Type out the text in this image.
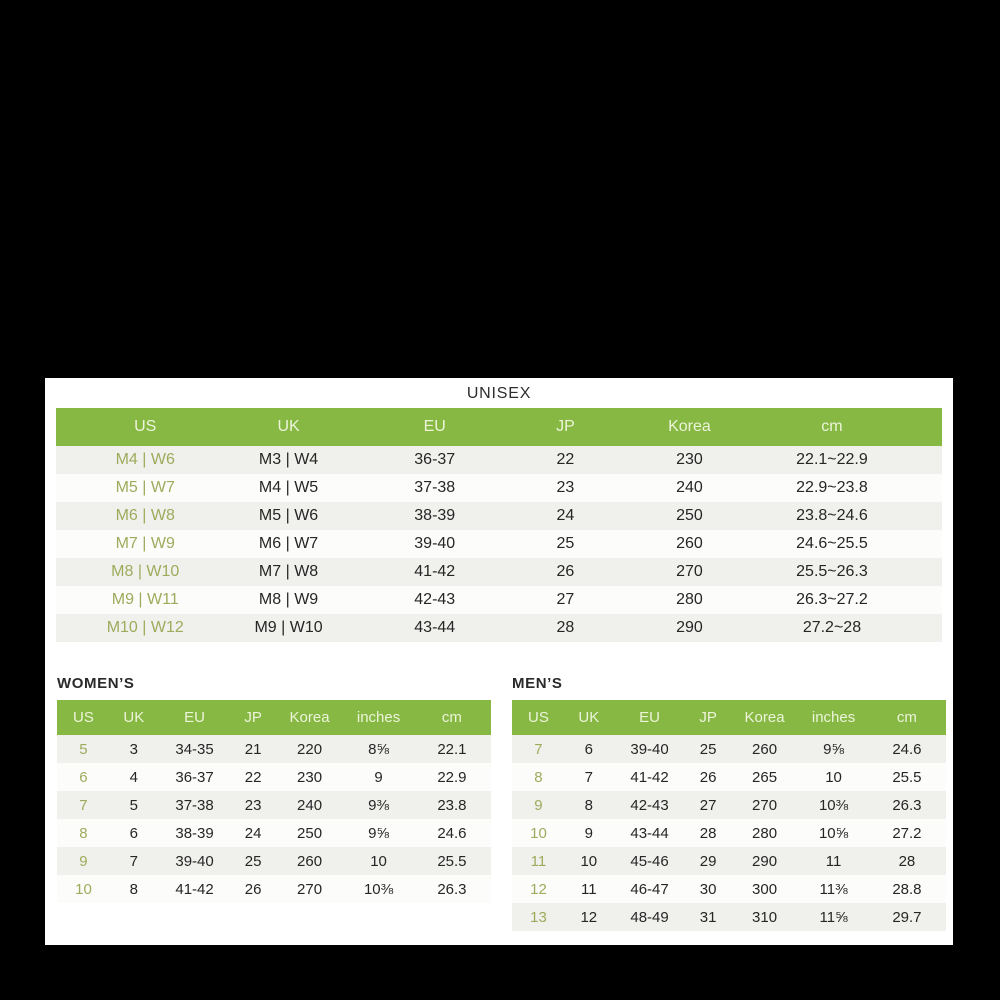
UNISEX
US	UK	EU	JP	Korea	cm
M4 | W6	M3 | W4	36-37	22	230	22.1~22.9
M5 | W7	M4 | W5	37-38	23	240	22.9~23.8
M6 | W8	M5 | W6	38-39	24	250	23.8~24.6
M7 | W9	M6 | W7	39-40	25	260	24.6~25.5
M8 | W10	M7 | W8	41-42	26	270	25.5~26.3
M9 | W11	M8 | W9	42-43	27	280	26.3~27.2
M10 | W12	M9 | W10	43-44	28	290	27.2~28
WOMEN’S
US	UK	EU	JP	Korea	inches	cm
5	3	34-35	21	220	8⅝	22.1
6	4	36-37	22	230	9	22.9
7	5	37-38	23	240	9⅜	23.8
8	6	38-39	24	250	9⅝	24.6
9	7	39-40	25	260	10	25.5
10	8	41-42	26	270	10⅜	26.3
MEN’S
US	UK	EU	JP	Korea	inches	cm
7	6	39-40	25	260	9⅝	24.6
8	7	41-42	26	265	10	25.5
9	8	42-43	27	270	10⅜	26.3
10	9	43-44	28	280	10⅝	27.2
11	10	45-46	29	290	11	28
12	11	46-47	30	300	11⅜	28.8
13	12	48-49	31	310	11⅝	29.7
